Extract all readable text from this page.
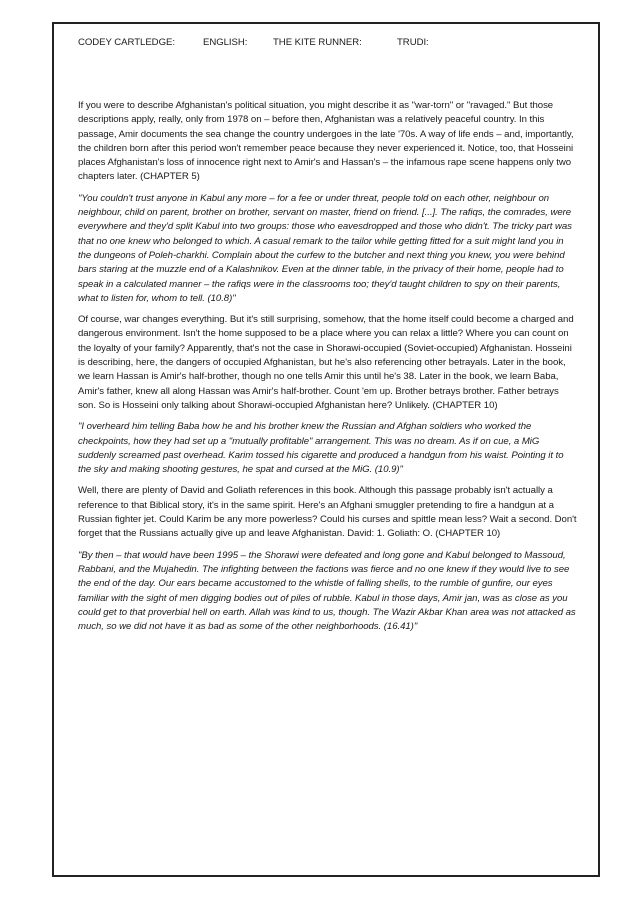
CODEY CARTLEDGE:	ENGLISH:	THE KITE RUNNER:	TRUDI:

If you were to describe Afghanistan's political situation, you might describe it as "war-torn" or "ravaged." But those descriptions apply, really, only from 1978 on – before then, Afghanistan was a relatively peaceful country. In this passage, Amir documents the sea change the country undergoes in the late '70s. A way of life ends – and, importantly, the children born after this period won't remember peace because they never experienced it. Notice, too, that Hosseini places Afghanistan's loss of innocence right next to Amir's and Hassan's – the infamous rape scene happens only two chapters later. (CHAPTER 5)

"You couldn't trust anyone in Kabul any more – for a fee or under threat, people told on each other, neighbour on neighbour, child on parent, brother on brother, servant on master, friend on friend. [...]. The rafiqs, the comrades, were everywhere and they'd split Kabul into two groups: those who eavesdropped and those who didn't. The tricky part was that no one knew who belonged to which. A casual remark to the tailor while getting fitted for a suit might land you in the dungeons of Poleh-charkhi. Complain about the curfew to the butcher and next thing you knew, you were behind bars staring at the muzzle end of a Kalashnikov. Even at the dinner table, in the privacy of their home, people had to speak in a calculated manner – the rafiqs were in the classrooms too; they'd taught children to spy on their parents, what to listen for, whom to tell. (10.8)"

Of course, war changes everything. But it's still surprising, somehow, that the home itself could become a charged and dangerous environment. Isn't the home supposed to be a place where you can relax a little? Where you can count on the loyalty of your family? Apparently, that's not the case in Shorawi-occupied (Soviet-occupied) Afghanistan. Hosseini is describing, here, the dangers of occupied Afghanistan, but he's also referencing other betrayals. Later in the book, we learn Hassan is Amir's half-brother, though no one tells Amir this until he's 38. Later in the book, we learn Baba, Amir's father, knew all along Hassan was Amir's half-brother. Count 'em up. Brother betrays brother. Father betrays son. So is Hosseini only talking about Shorawi-occupied Afghanistan here? Unlikely. (CHAPTER 10)

"I overheard him telling Baba how he and his brother knew the Russian and Afghan soldiers who worked the checkpoints, how they had set up a "mutually profitable" arrangement. This was no dream. As if on cue, a MiG suddenly screamed past overhead. Karim tossed his cigarette and produced a handgun from his waist. Pointing it to the sky and making shooting gestures, he spat and cursed at the MiG. (10.9)"

Well, there are plenty of David and Goliath references in this book. Although this passage probably isn't actually a reference to that Biblical story, it's in the same spirit. Here's an Afghani smuggler pretending to fire a handgun at a Russian fighter jet. Could Karim be any more powerless? Could his curses and spittle mean less? Wait a second. Don't forget that the Russians actually give up and leave Afghanistan. David: 1. Goliath: O. (CHAPTER 10)

"By then – that would have been 1995 – the Shorawi were defeated and long gone and Kabul belonged to Massoud, Rabbani, and the Mujahedin. The infighting between the factions was fierce and no one knew if they would live to see the end of the day. Our ears became accustomed to the whistle of falling shells, to the rumble of gunfire, our eyes familiar with the sight of men digging bodies out of piles of rubble. Kabul in those days, Amir jan, was as close as you could get to that proverbial hell on earth. Allah was kind to us, though. The Wazir Akbar Khan area was not attacked as much, so we did not have it as bad as some of the other neighborhoods. (16.41)"
